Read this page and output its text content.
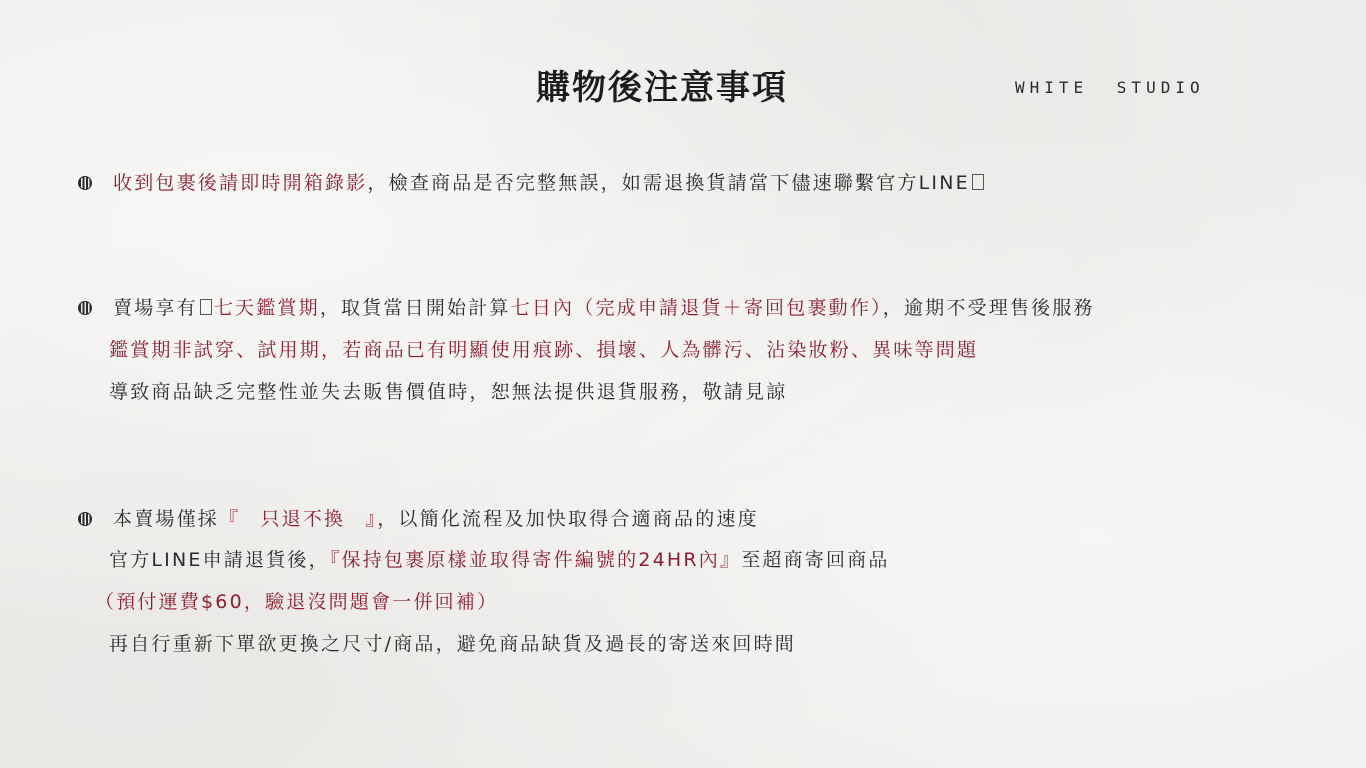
購物後注意事項	WHITE STUDIO
收到包裹後請即時開箱錄影，檢查商品是否完整無誤，如需退換貨請當下儘速聯繫官方LINE
賣場享有 七天鑑賞期，取貨當日開始計算七日內（完成申請退貨＋寄回包裹動作），逾期不受理售後服務
鑑賞期非試穿、試用期，若商品已有明顯使用痕跡、損壞、人為髒污、沾染妝粉、異味等問題
導致商品缺乏完整性並失去販售價值時，恕無法提供退貨服務，敬請見諒
本賣場僅採『 只退不換 』，以簡化流程及加快取得合適商品的速度
官方LINE申請退貨後，『保持包裹原樣並取得寄件編號的24HR內』至超商寄回商品
（預付運費$60，驗退沒問題會一併回補）
再自行重新下單欲更換之尺寸/商品，避免商品缺貨及過長的寄送來回時間
